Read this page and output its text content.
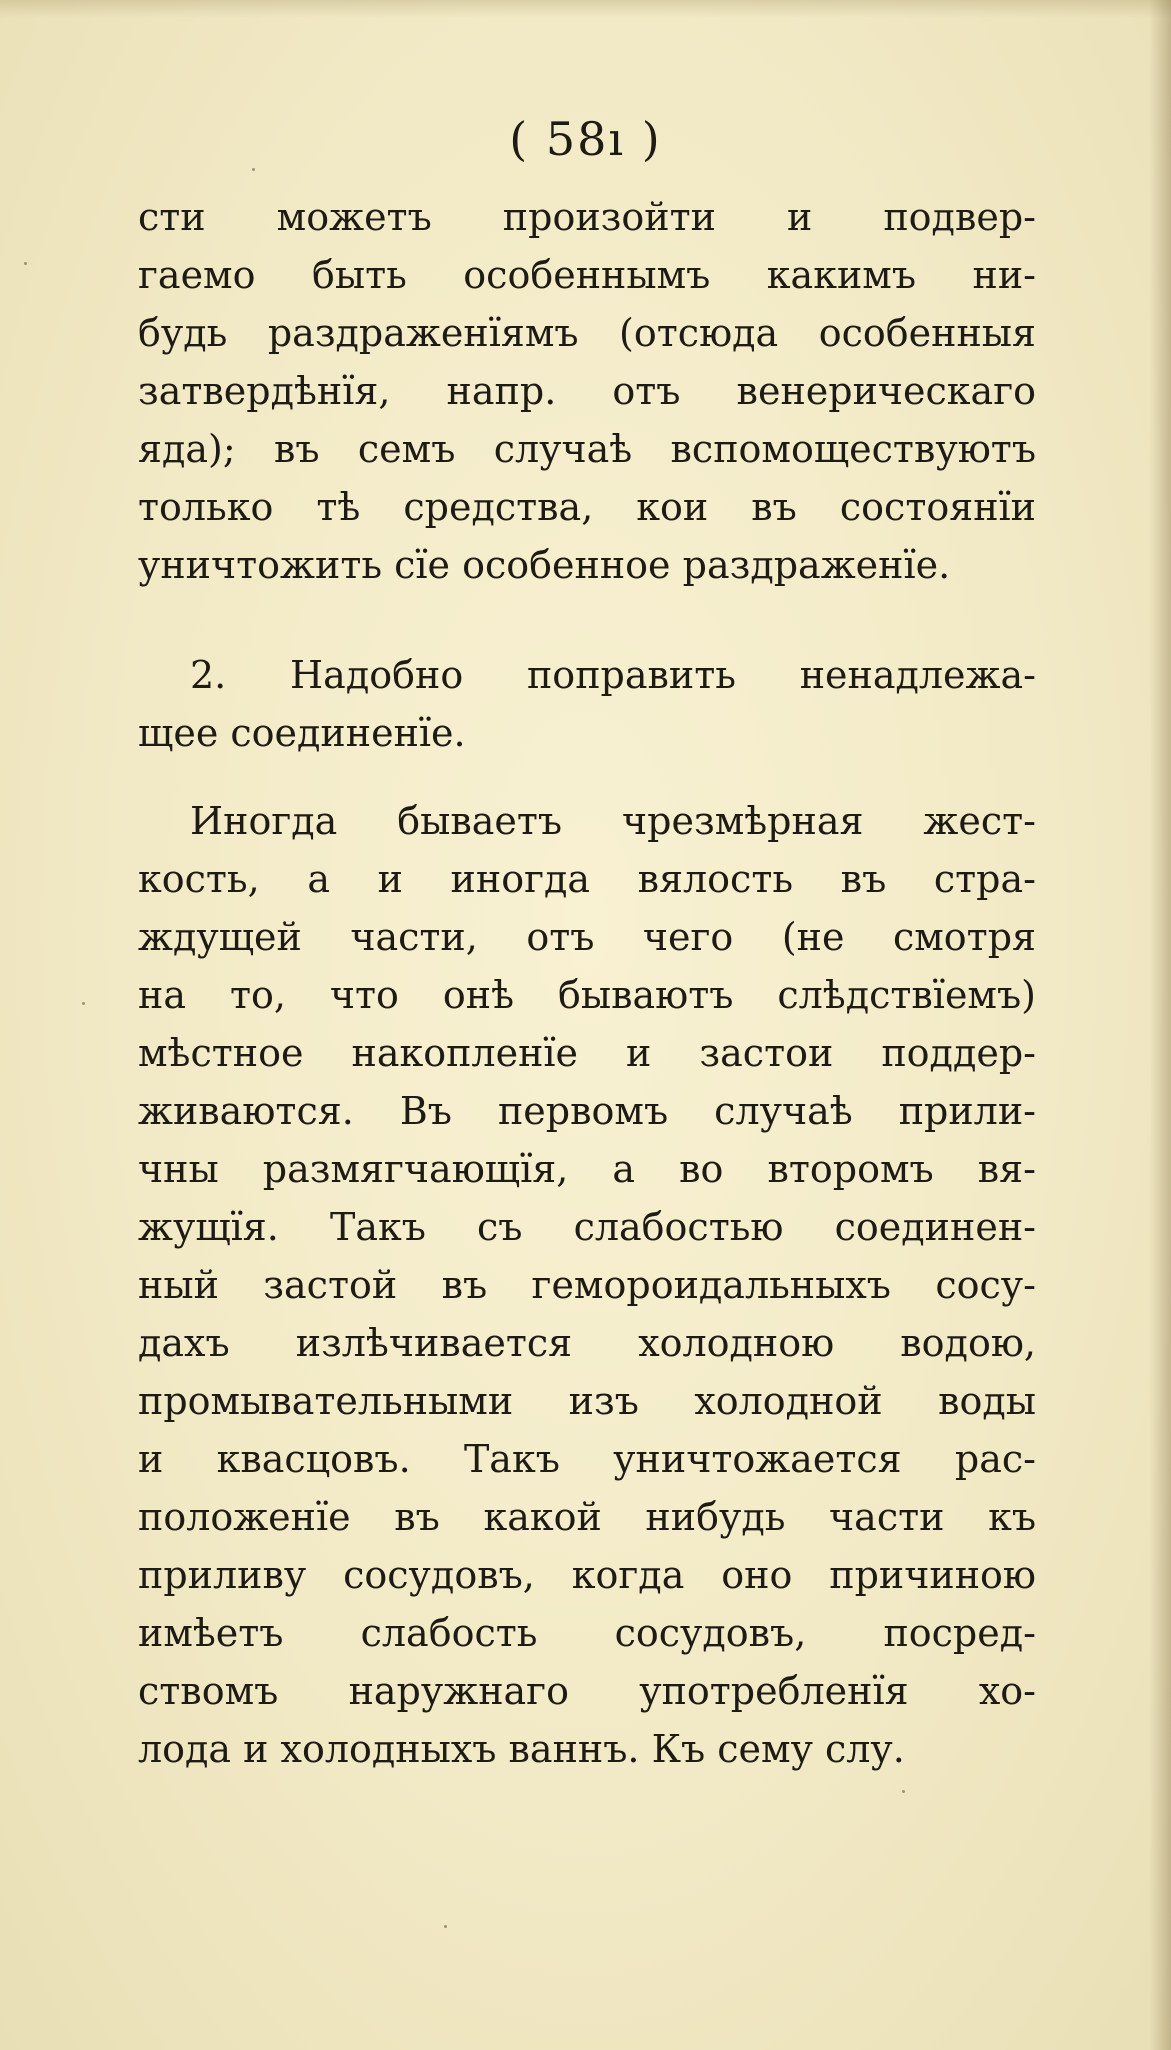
( 58ı )
сти можетъ произойти и подвер-
гаемо быть особеннымъ какимъ ни-
будь раздраженїямъ (отсюда особенныя
затвердѣнїя, напр. отъ венерическаго
яда); въ семъ случаѣ вспомоществуютъ
только тѣ средства, кои въ состоянїи
уничтожить сїе особенное раздраженїе.
2. Надобно поправить ненадлежа-
щее соединенїе.
Иногда бываетъ чрезмѣрная жест-
кость, а и иногда вялость въ стра-
ждущей части, отъ чего (не смотря
на то, что онѣ бываютъ слѣдствїемъ)
мѣстное накопленїе и застои поддер-
живаются. Въ первомъ случаѣ прили-
чны размягчающїя, а во второмъ вя-
жущїя. Такъ съ слабостью соединен-
ный застой въ гемороидальныхъ сосу-
дахъ излѣчивается холодною водою,
промывательными изъ холодной воды
и квасцовъ. Такъ уничтожается рас-
положенїе въ какой нибудь части къ
приливу сосудовъ, когда оно причиною
имѣетъ слабость сосудовъ, посред-
ствомъ наружнаго употребленїя хо-
лода и холодныхъ ваннъ. Къ сему слу.
